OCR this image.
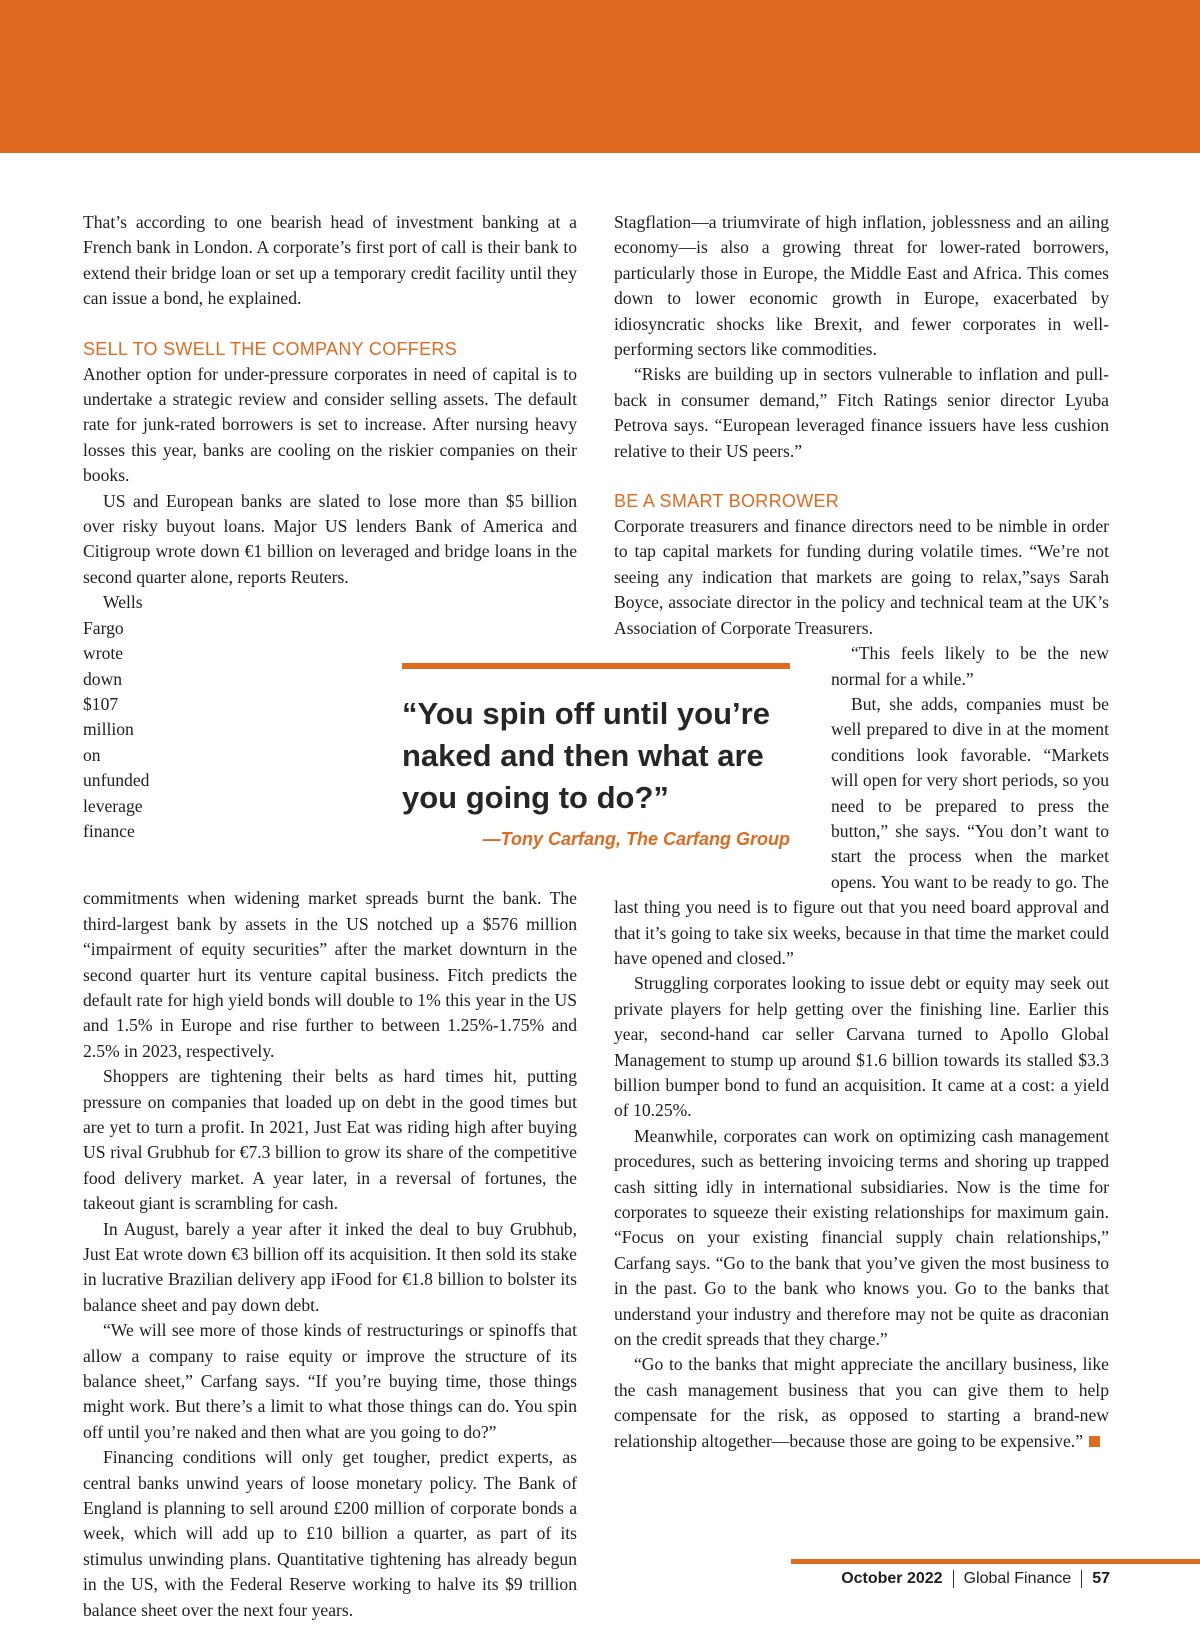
That’s according to one bearish head of investment banking at a French bank in London. A corporate’s first port of call is their bank to extend their bridge loan or set up a temporary credit facility until they can issue a bond, he explained.

SELL TO SWELL THE COMPANY COFFERS

Another option for under-pressure corporates in need of capital is to undertake a strategic review and consider selling assets. The default rate for junk-rated borrowers is set to increase. After nursing heavy losses this year, banks are cooling on the riskier companies on their books.

US and European banks are slated to lose more than $5 billion over risky buyout loans. Major US lenders Bank of America and Citigroup wrote down €1 billion on leveraged and bridge loans in the second quarter alone, reports Reuters.

Wells Fargo wrote down $107 million on unfunded leverage finance commitments when widening market spreads burnt the bank. The third-largest bank by assets in the US notched up a $576 million “impairment of equity securities” after the market downturn in the second quarter hurt its venture capital business. Fitch predicts the default rate for high yield bonds will double to 1% this year in the US and 1.5% in Europe and rise further to between 1.25%-1.75% and 2.5% in 2023, respectively.

Shoppers are tightening their belts as hard times hit, putting pressure on companies that loaded up on debt in the good times but are yet to turn a profit. In 2021, Just Eat was riding high after buying US rival Grubhub for €7.3 billion to grow its share of the competitive food delivery market. A year later, in a reversal of fortunes, the takeout giant is scrambling for cash.

In August, barely a year after it inked the deal to buy Grubhub, Just Eat wrote down €3 billion off its acquisition. It then sold its stake in lucrative Brazilian delivery app iFood for €1.8 billion to bolster its balance sheet and pay down debt.

“We will see more of those kinds of restructurings or spinoffs that allow a company to raise equity or improve the structure of its balance sheet,” Carfang says. “If you’re buying time, those things might work. But there’s a limit to what those things can do. You spin off until you’re naked and then what are you going to do?”

Financing conditions will only get tougher, predict experts, as central banks unwind years of loose monetary policy. The Bank of England is planning to sell around £200 million of corporate bonds a week, which will add up to £10 billion a quarter, as part of its stimulus unwinding plans. Quantitative tightening has already begun in the US, with the Federal Reserve working to halve its $9 trillion balance sheet over the next four years.

Stagflation—a triumvirate of high inflation, joblessness and an ailing economy—is also a growing threat for lower-rated borrowers, particularly those in Europe, the Middle East and Africa. This comes down to lower economic growth in Europe, exacerbated by idiosyncratic shocks like Brexit, and fewer corporates in well-performing sectors like commodities.

“Risks are building up in sectors vulnerable to inflation and pull-back in consumer demand,” Fitch Ratings senior director Lyuba Petrova says. “European leveraged finance issuers have less cushion relative to their US peers.”

BE A SMART BORROWER

Corporate treasurers and finance directors need to be nimble in order to tap capital markets for funding during volatile times. “We’re not seeing any indication that markets are going to relax,”says Sarah Boyce, associate director in the policy and technical team at the UK’s Association of Corporate Treasurers.

“This feels likely to be the new normal for a while.”

But, she adds, companies must be well prepared to dive in at the moment conditions look favorable. “Markets will open for very short periods, so you need to be prepared to press the button,” she says. “You don’t want to start the process when the market opens. You want to be ready to go. The last thing you need is to figure out that you need board approval and that it’s going to take six weeks, because in that time the market could have opened and closed.”

Struggling corporates looking to issue debt or equity may seek out private players for help getting over the finishing line. Earlier this year, second-hand car seller Carvana turned to Apollo Global Management to stump up around $1.6 billion towards its stalled $3.3 billion bumper bond to fund an acquisition. It came at a cost: a yield of 10.25%.

Meanwhile, corporates can work on optimizing cash management procedures, such as bettering invoicing terms and shoring up trapped cash sitting idly in international subsidiaries. Now is the time for corporates to squeeze their existing relationships for maximum gain. “Focus on your existing financial supply chain relationships,” Carfang says. “Go to the bank that you’ve given the most business to in the past. Go to the bank who knows you. Go to the banks that understand your industry and therefore may not be quite as draconian on the credit spreads that they charge.”

“Go to the banks that might appreciate the ancillary business, like the cash management business that you can give them to help compensate for the risk, as opposed to starting a brand-new relationship altogether—because those are going to be expensive.”

“You spin off until you’re naked and then what are you going to do?”
—Tony Carfang, The Carfang Group
October 2022 Global Finance 57
